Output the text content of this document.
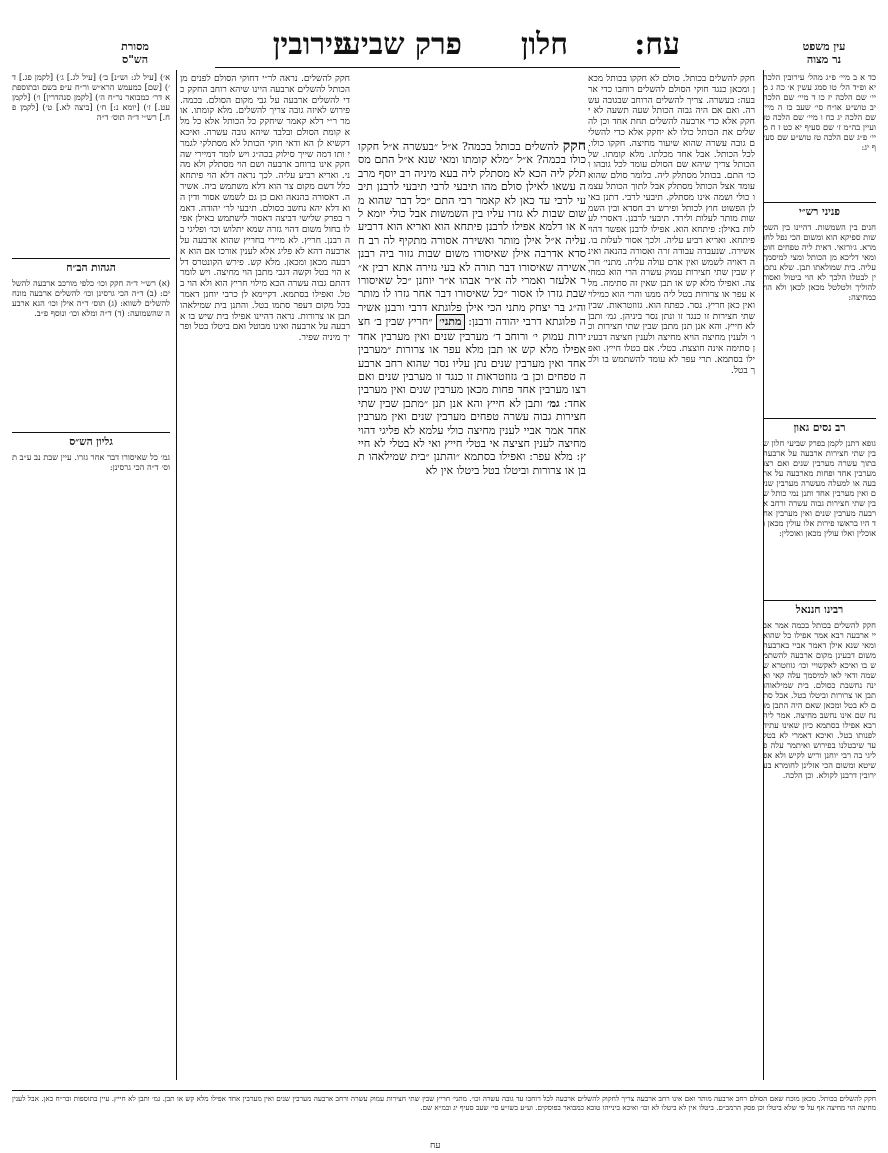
עח:
חלון
פרק שביעי
עירובין	עין משפט
נר מצוה
מסורת
הש"ס
כד א ב מיי׳ פ״ג מהל׳ עירובין הלכה יא ופ״ד הל׳ טו סמג עשין א׳ כה ג מיי׳ שם הלכה יז כו ד מיי׳ שם הלכה יב טוש״ע או״ח סי׳ שעב כז ה מיי׳ שם הלכה יג כח ו מיי׳ שם הלכה טו ועיין בה״מ ז׳ שם סעיף יא כט ז ח מיי׳ פ״ג שם הלכה טז טוש״ע שם סעיף יג:
פניני רש״י
חנים בין השמשות. דהיינו בין השמשות ספיקא הוא ומשום הכי נפל לחומרא. ג׳ורזאי. דאית ליה טפחים חוט ומאי דליכא מן הכותל ומצי למיסמך עליה. בית שמולאתו תבן. שלא נתכוין לבטלו הלכך לא הוי ביטול ואסור להוליך ולטלטל מכאן לכאן ולא הוי כמחיצה:
רב נסים גאון
גופא דתנן לקמן בפרק שביעי חלון שבין שתי חצירות ארבעה על ארבעה בתוך עשרה מערבין שנים ואם רצו מערבין אחד ופחות מארבעה על ארבעה או למעלה מעשרה מערבין שנים ואין מערבין אחד ותנן נמי כותל שבין שתי חצירות גבוה עשרה ורחב ארבעה מערבין שנים ואין מערבין אחד היו בראשו פירות אלו עולין מכאן ואוכלין ואלו עולין מכאן ואוכלין:
רבינו חננאל
חקק להשלים בכותל בכמה אמר אביי ארבעה רבא אמר אפילו כל שהוא ומאי שנא אילן דאמר אביי בארבעה משום דבעינן מקום ארבעה להשתמש בו ואיכא לאקשויי וכו׳ גזוזטרא ששמה ודאי לאו למיסמך עלה קאי ואינה נחשבת כסולם. בית שמילאוהו תבן או צרורות וביטלו בטל. אבל סתם לא בטל ומכאן שאם היה התבן מונח שם אינו נחשב מחיצה. אמר ליה רבא אפילו בסתמא כיון שאינו עתיד לפנותו בטל. ואיכא דאמרי לא בטל עד שיבטלנו בפירוש ואיתמר עלה פליגי בה רבי יוחנן וריש לקיש ולא אפשיטא ומשום הכי אזלינן לחומרא בעירובין דרבנן לקולא. וכן הלכה.
חקק להשלים בכותל. סולם לא חקקו בכותל מכאן ומכאן כנגד חוקי הסולם להשלים רוחבו כדי ארבעה: בעשרה. צריך להשלים הרוחב שבגובה עשרה. ואם אם היה גבוה הכותל שעה תשעה לא יחקק אלא כדי ארבעה להשלים תחת אחד וכן להשלים את הכותל כולו לא יחקק אלא כדי להשלים גובה עשרה שהוא שיעור מחיצה. חקקו כולו. לכל הכותל. אבל אחד מכלתו. מלא קומתו. של הכותל צריך שיהא שם הסולם עומד לכל גובהו וכו׳ התם. בכותל מסתלק ליה. כלומר סולם שהוא עומד אצל הכותל מסתלק אבל לתוך הכותל עצמו כולי ושמה אינו מסתלק. תיבעי לרבי. דתנן באילן הפשוט חוץ לכותל ופירש רב חסדא ובין השמשות מותר לעלות ולירד. תיבעי לרבנן. דאסרי לעלות באילן: פיתחא הוא. אפילו לרבנן אפשר דהוי פיתחא. ואריא רביע עליה. ולכך אסור לעלות בו. אשירה. שנעבדה עבודה זרה ואסורה בהנאה ואינה ראויה לשמש ואין אדם עולה עליה. מתני׳ חריץ שבין שתי חצירות עמוק עשרה הרי הוא כמחיצה. ואפילו מלא קש או תבן שאין זה סתימה. מלא עפר או צרורות בטל ליה ממנו והרי הוא כמילוי ואין כאן חריץ. נסר. כפתח הוא. גזוזטראות. שבין שתי חצירות זו כנגד זו ונתן נסר ביניהן. גמ׳ ותבן לא חייץ. והא אנן תנן מתבן שבין שתי חצירות וכו׳ ולענין מחיצה הויא מחיצה ולענין חציצה דבעינן סתימה אינה חוצצת. בטלי. אם בטלו חייץ. ואפילו בסתמא. תרי עפר לא עומד להשתמש בו ולכך בטל.
חקק להשלים. נראה לר״י דחוקי הסולם לפנים מן הכותל להשלים ארבעה היינו שיהא רוחב החקק כדי להשלים ארבעה על גבי מקום הסולם. בכמה. פירוש לאיזה גובה צריך להשלים. מלא קומתו. אומר ר״י דלא קאמר שיחקק כל הכותל אלא כל מלא קומת הסולם ובלבד שיהא גובה עשרה. ואיכא דקשיא לן הא ודאי חוקי הכותל לא מסתלקי לגמרי ותו דמה שייך סילוק בכה״ג ויש לומר דמיירי שהחקק אינו ברוחב ארבעה ושם הוי מסתלק ולא מהני. ואריא רביע עליה. לכך נראה דלא הוי פיתחא כלל דשם מקום צר הוא דלא משתמש ביה. אשירה. דאסורה בהנאה ואם כן גם לשמש אסור ודין הוא דלא יהא נחשב כסולם. תיבעי לר׳ יהודה. דאמר בפרק שלישי דביצה דאסור לישתמש באילן אפילו בחול משום דהוי גזרה שמא יתלוש וכו׳ ופליגי בה רבנן. חריץ. לא מיירי בחריץ שהוא ארבעה על ארבעה דהא לא פליג אלא לענין אורכו אם הוא ארבעה מכאן ומכאן. מלא קש. פירש הקונטרס דלא הוי בטל וקשה דגבי מתבן הוי מחיצה. ויש לומר דהתם גבוה עשרה הכא מילוי חריץ הוא ולא הוי בטל. ואפילו בסתמא. דקיימא לן כרבי יוחנן דאמר בכל מקום דעפר סתמו בטל. והתנן בית שמילאהו תבן או צרורות. נראה דהיינו אפילו בית שיש בו ארבעה על ארבעה ואינו מבוטל ואם ביטלו בטל ופריך מיניה שפיר.
חקק להשלים בכותל בכמה? א״ל ״בעשרה א״ל חקקו כולו בכמה? א״ל ״מלא קומתו ומאי שנא א״ל התם מסתלק ליה הכא לא מסתלק ליה בעא מיניה רב יוסף מרבה עשאו לאילן סולם מהו תיבעי לרבי תיבעי לרבנן תיבעי לרבי עד כאן לא קאמר רבי התם ״כל דבר שהוא משום שבות לא גזרו עליו בין השמשות אבל כולי יומא לא או דלמא אפילו לרבנן פיתחא הוא ואריא הוא דרביע עליה א״ל אילן מותר ואשירה אסורה מתקיף לה רב חסדא אדרבה אילן שאיסורו משום שבות גזור ביה רבנן אשירה שאיסורו דבר תורה לא בעי גזירה אתא רבין א״ר אלעזר ואמרי לה א״ר אבהו א״ר יוחנן ״כל שאיסורו שבת גזרו לו אסור ״כל שאיסורו דבר אחר גזרו לו מותר וה״ג בר יצחק מתני הכי אילן פלוגתא דרבי ורבנן אשירה פלוגתא דרבי יהודה ורבנן: מתני׳ ״חריץ שבין ב׳ חצירות עמוק י׳ ורוחב ד׳ מערבין שנים ואין מערבין אחד אפילו מלא קש או תבן מלא עפר או צרורות ״מערבין אחד ואין מערבין שנים נתן עליו נסר שהוא רחב ארבעה טפחים וכן ב׳ גזוזטראות זו כנגד זו מערבין שנים ואם רצו מערבין אחד פחות מכאן מערבין שנים ואין מערבין אחד: גמ׳ ותבן לא חייץ והא אנן תנן ״מתבן שבין שתי חצירות גבוה עשרה טפחים מערבין שנים ואין מערבין אחד אמר אביי לענין מחיצה כולי עלמא לא פליגי דהוי מחיצה לענין חציצה אי בטלי חייץ ואי לא בטלי לא חייץ: מלא עפר: ואפילו בסתמא ״והתנן ״בית שמילאהו תבן או צרורות וביטלו בטל ביטלו אין לא
א׳) [עיל לג: וש״נ] ב׳) [עיל לג.] ג׳) [לקמן פג.] ד׳) [שם] כמעמש הרא״ש ור״ח ע״פ בשם ובתוספתא דר׳ כמבואר נר״ח ה׳) [לקמן סנהדרין] ו׳) [לקמן עט.] ז׳) [יומא נ:] ח׳) [ביצה לא.] ט׳) [לקמן פח.] רש״י ד״ה תוס׳ ד״ה
הגהות הב״ח
(א) רש״י ד״ה חקק וכו׳ כלפי מורכב ארבעה להשלים: (ב) ד״ה הכי גרסינן וכו׳ להשלים ארבעה מונח להשלים לשווא: (ג) תוס׳ ד״ה אילן וכו׳ הגא ארבעה שהשמועה: (ד) ד״ה ומלא וכו׳ ונוסף פ״ב.
גליון הש״ס
גמ׳ כל שאיסורו דבר אחר גזרו. עיין שבת נב ע״ב תוס׳ ד״ה הכי גרסינן:
חקק להשלים בכותל. מכאן מוכח שאם הסולם רחב ארבעה מותר ואם אינו רחב ארבעה צריך לחקוק להשלים ארבעה לכל רוחבו עד גובה עשרה וכו׳. מתני׳ חריץ שבין שתי חצירות עמוק עשרה ורחב ארבעה מערבין שנים ואין מערבין אחד אפילו מלא קש או תבן. גמ׳ ותבן לא חייץ. עיין בתוספות ובר״ח כאן. אבל לענין מחיצה הוי מחיצה אף על פי שלא ביטלו וכן פסק הרמב״ם. ביטלו אין לא ביטלו לא וכו׳ ואיכא בינייהו טובא כמבואר בפוסקים. וע״ע בשו״ע סי׳ שעב סעיף יג ובמ״א שם.
עח
